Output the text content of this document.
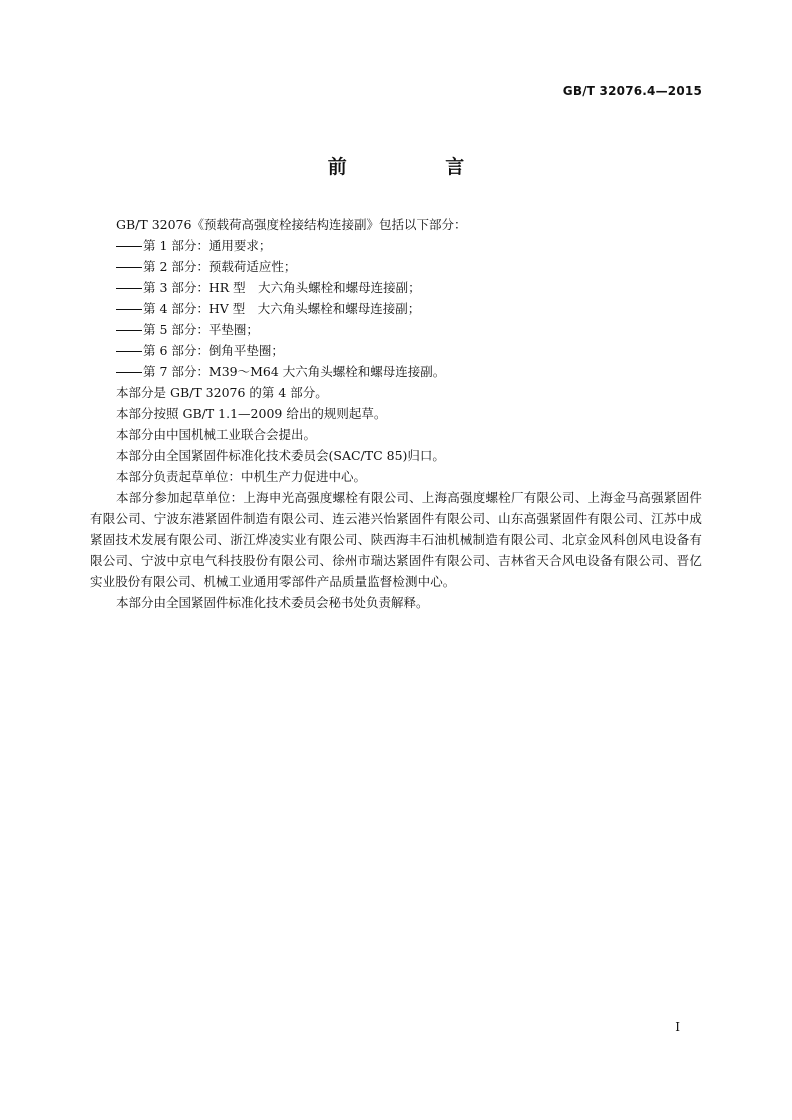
GB/T 32076.4—2015
前 言
GB/T 32076《预载荷高强度栓接结构连接副》包括以下部分：
第 1 部分：通用要求；
第 2 部分：预载荷适应性；
第 3 部分：HR 型　大六角头螺栓和螺母连接副；
第 4 部分：HV 型　大六角头螺栓和螺母连接副；
第 5 部分：平垫圈；
第 6 部分：倒角平垫圈；
第 7 部分：M39～M64 大六角头螺栓和螺母连接副。
本部分是 GB/T 32076 的第 4 部分。
本部分按照 GB/T 1.1—2009 给出的规则起草。
本部分由中国机械工业联合会提出。
本部分由全国紧固件标准化技术委员会(SAC/TC 85)归口。
本部分负责起草单位：中机生产力促进中心。
本部分参加起草单位：上海申光高强度螺栓有限公司、上海高强度螺栓厂有限公司、上海金马高强紧固件有限公司、宁波东港紧固件制造有限公司、连云港兴怡紧固件有限公司、山东高强紧固件有限公司、江苏中成紧固技术发展有限公司、浙江烨凌实业有限公司、陕西海丰石油机械制造有限公司、北京金风科创风电设备有限公司、宁波中京电气科技股份有限公司、徐州市瑞达紧固件有限公司、吉林省天合风电设备有限公司、晋亿实业股份有限公司、机械工业通用零部件产品质量监督检测中心。
本部分由全国紧固件标准化技术委员会秘书处负责解释。
I
